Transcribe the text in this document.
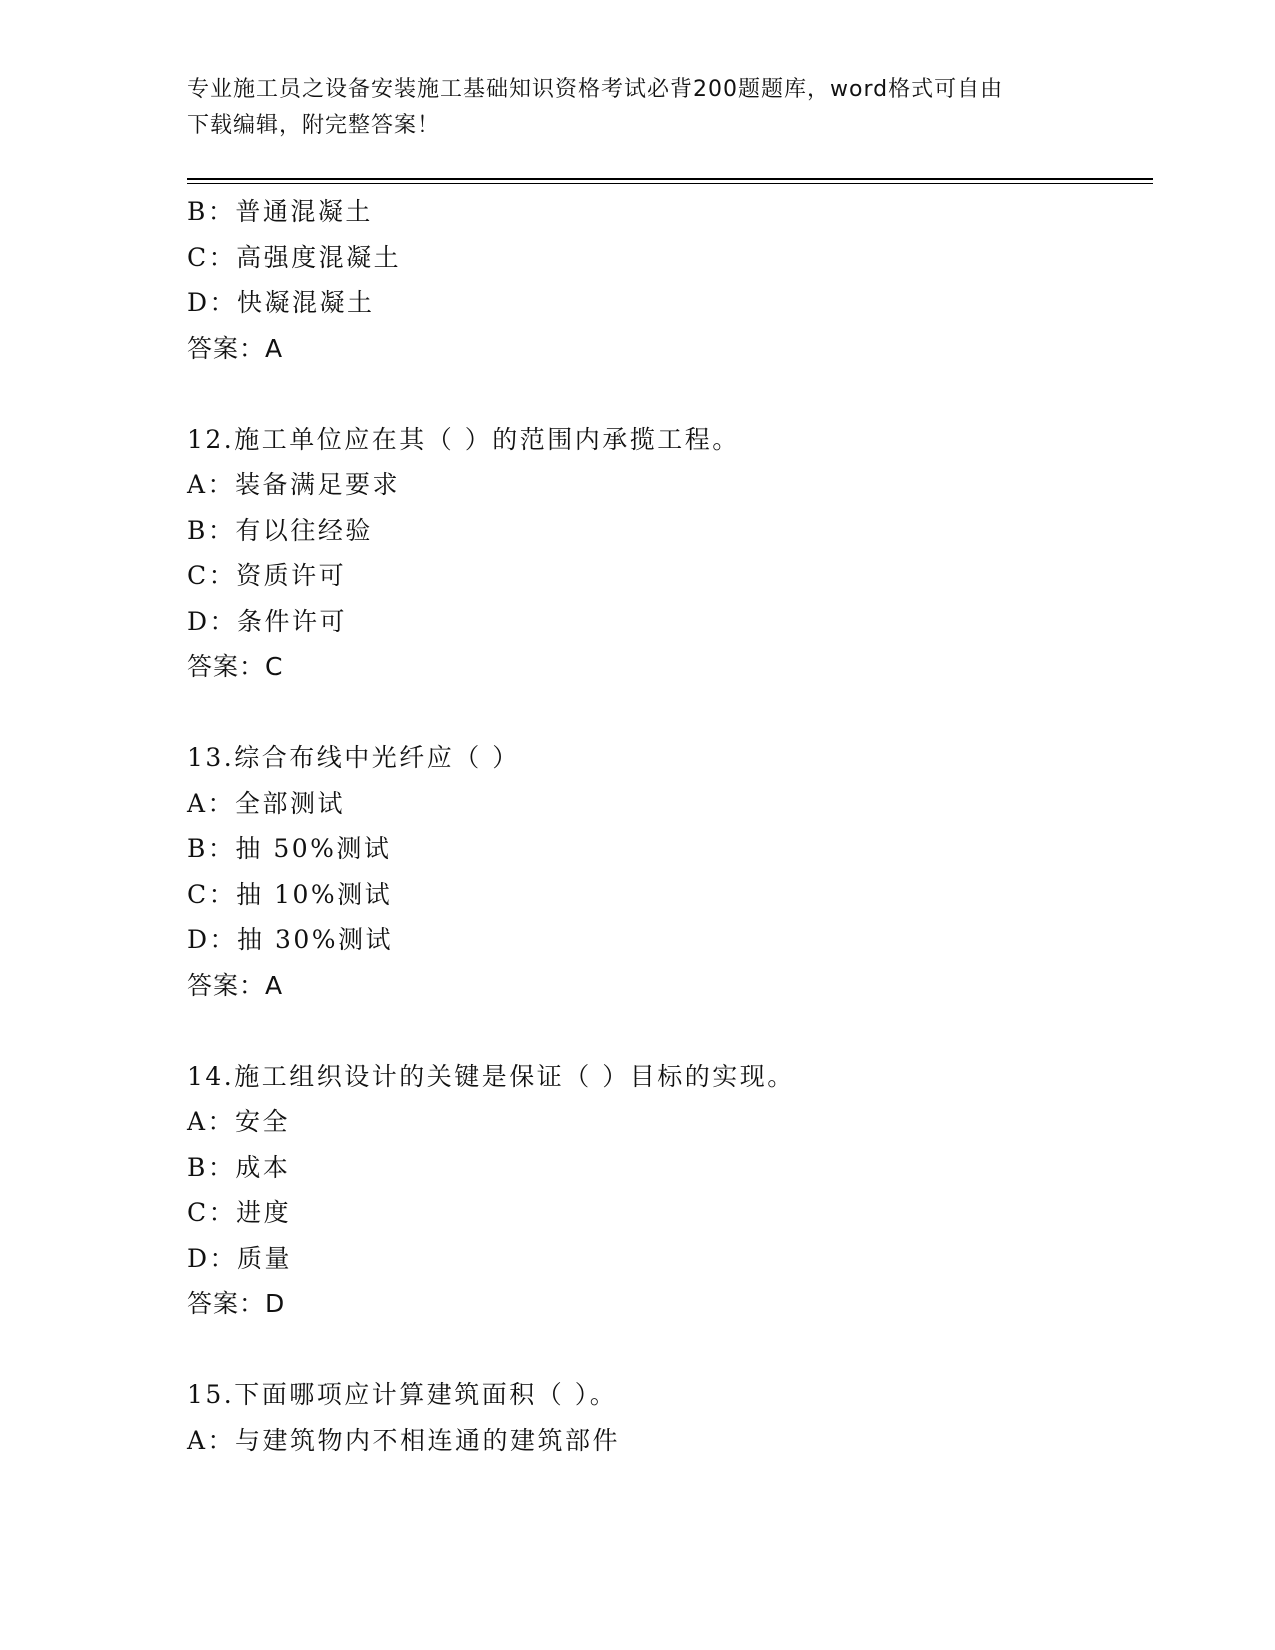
专业施工员之设备安装施工基础知识资格考试必背200题题库，word格式可自由
下载编辑，附完整答案！
B：普通混凝土
C：高强度混凝土
D：快凝混凝土
答案：A
12.施工单位应在其（ ）的范围内承揽工程。
A：装备满足要求
B：有以往经验
C：资质许可
D：条件许可
答案：C
13.综合布线中光纤应（ ）
A：全部测试
B：抽 50%测试
C：抽 10%测试
D：抽 30%测试
答案：A
14.施工组织设计的关键是保证（ ）目标的实现。
A：安全
B：成本
C：进度
D：质量
答案：D
15.下面哪项应计算建筑面积（ ）。
A：与建筑物内不相连通的建筑部件
